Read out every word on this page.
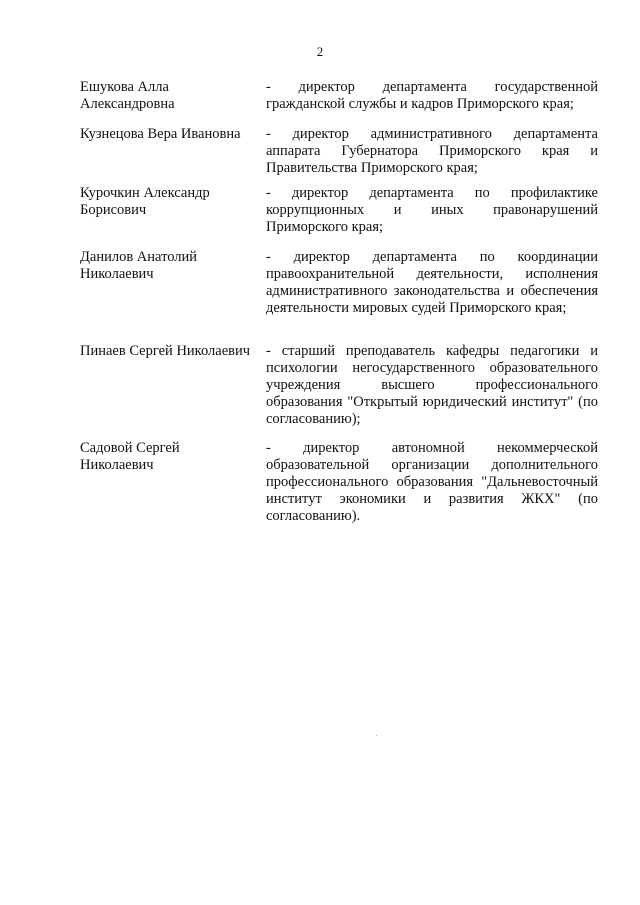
2
Ешукова Алла
Александровна
- директор департамента государственной гражданской службы и кадров Приморского края;
Кузнецова Вера Ивановна	- директор административного департамента аппарата Губернатора Приморского края и Правительства Приморского края;
Курочкин Александр
Борисович
- директор департамента по профилактике коррупционных и иных правонарушений Приморского края;
Данилов Анатолий
Николаевич
- директор департамента по координации правоохранительной деятельности, исполнения административного законодательства и обеспечения деятельности мировых судей Приморского края;
Пинаев Сергей Николаевич	- старший преподаватель кафедры педагогики и психологии негосударственного образовательного учреждения высшего профессионального образования "Открытый юридический институт" (по согласованию);
Садовой Сергей
Николаевич
- директор автономной некоммерческой образовательной организации дополнительного профессионального образования "Дальневосточный институт экономики и развития ЖКХ" (по согласованию).
